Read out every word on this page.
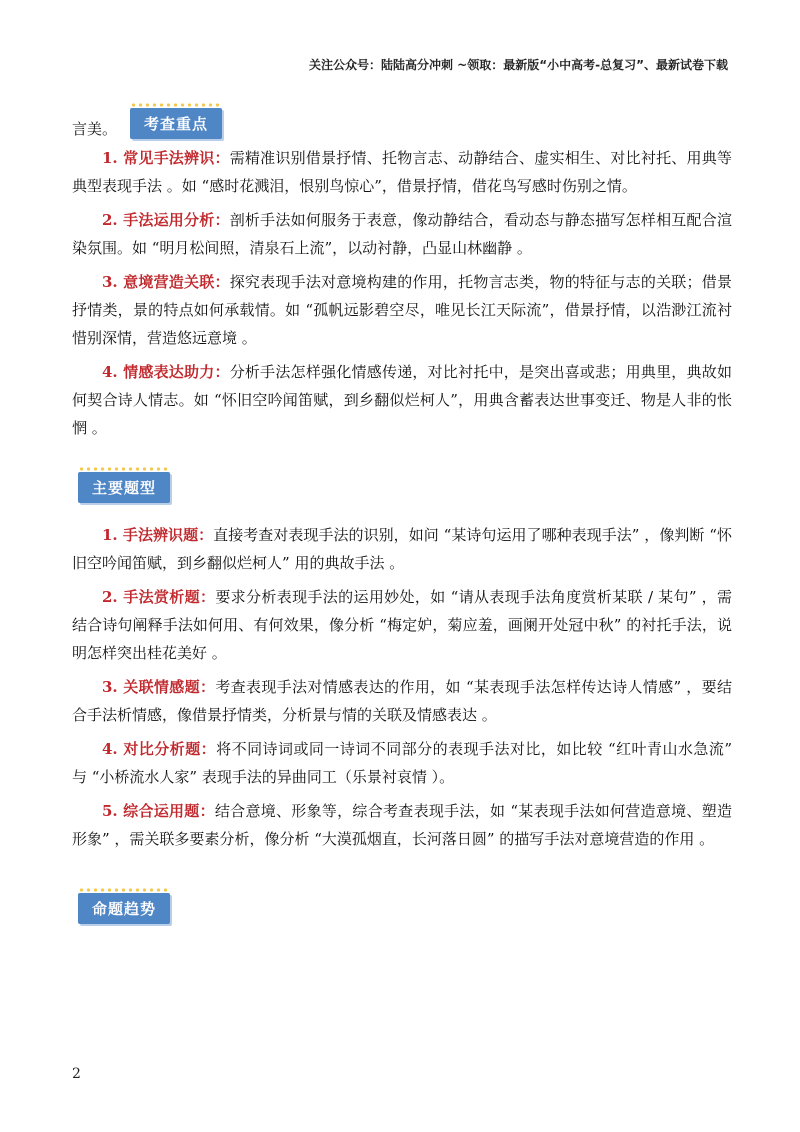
关注公众号：陆陆高分冲刺 ~领取：最新版“小中高考-总复习”、最新试卷下载
言美。	考查重点

1. 常见手法辨识：需精准识别借景抒情、托物言志、动静结合、虚实相生、对比衬托、用典等典型表现手法 。如 “感时花溅泪，恨别鸟惊心”，借景抒情，借花鸟写感时伤别之情。

2. 手法运用分析：剖析手法如何服务于表意，像动静结合，看动态与静态描写怎样相互配合渲染氛围。如 “明月松间照，清泉石上流”，以动衬静，凸显山林幽静 。

3. 意境营造关联：探究表现手法对意境构建的作用，托物言志类，物的特征与志的关联；借景抒情类，景的特点如何承载情。如 “孤帆远影碧空尽，唯见长江天际流”，借景抒情，以浩渺江流衬惜别深情，营造悠远意境 。

4. 情感表达助力：分析手法怎样强化情感传递，对比衬托中，是突出喜或悲；用典里，典故如何契合诗人情志。如 “怀旧空吟闻笛赋，到乡翻似烂柯人”，用典含蓄表达世事变迁、物是人非的怅惘 。

主要题型

1. 手法辨识题：直接考查对表现手法的识别，如问 “某诗句运用了哪种表现手法” ，像判断 “怀旧空吟闻笛赋，到乡翻似烂柯人” 用的典故手法 。

2. 手法赏析题：要求分析表现手法的运用妙处，如 “请从表现手法角度赏析某联 / 某句” ，需结合诗句阐释手法如何用、有何效果，像分析 “梅定妒，菊应羞，画阑开处冠中秋” 的衬托手法，说明怎样突出桂花美好 。

3. 关联情感题：考查表现手法对情感表达的作用，如 “某表现手法怎样传达诗人情感” ，要结合手法析情感，像借景抒情类，分析景与情的关联及情感表达 。

4. 对比分析题：将不同诗词或同一诗词不同部分的表现手法对比，如比较 “红叶青山水急流” 与 “小桥流水人家” 表现手法的异曲同工（乐景衬哀情 ）。

5. 综合运用题：结合意境、形象等，综合考查表现手法，如 “某表现手法如何营造意境、塑造形象” ，需关联多要素分析，像分析 “大漠孤烟直，长河落日圆” 的描写手法对意境营造的作用 。

命题趋势
2
